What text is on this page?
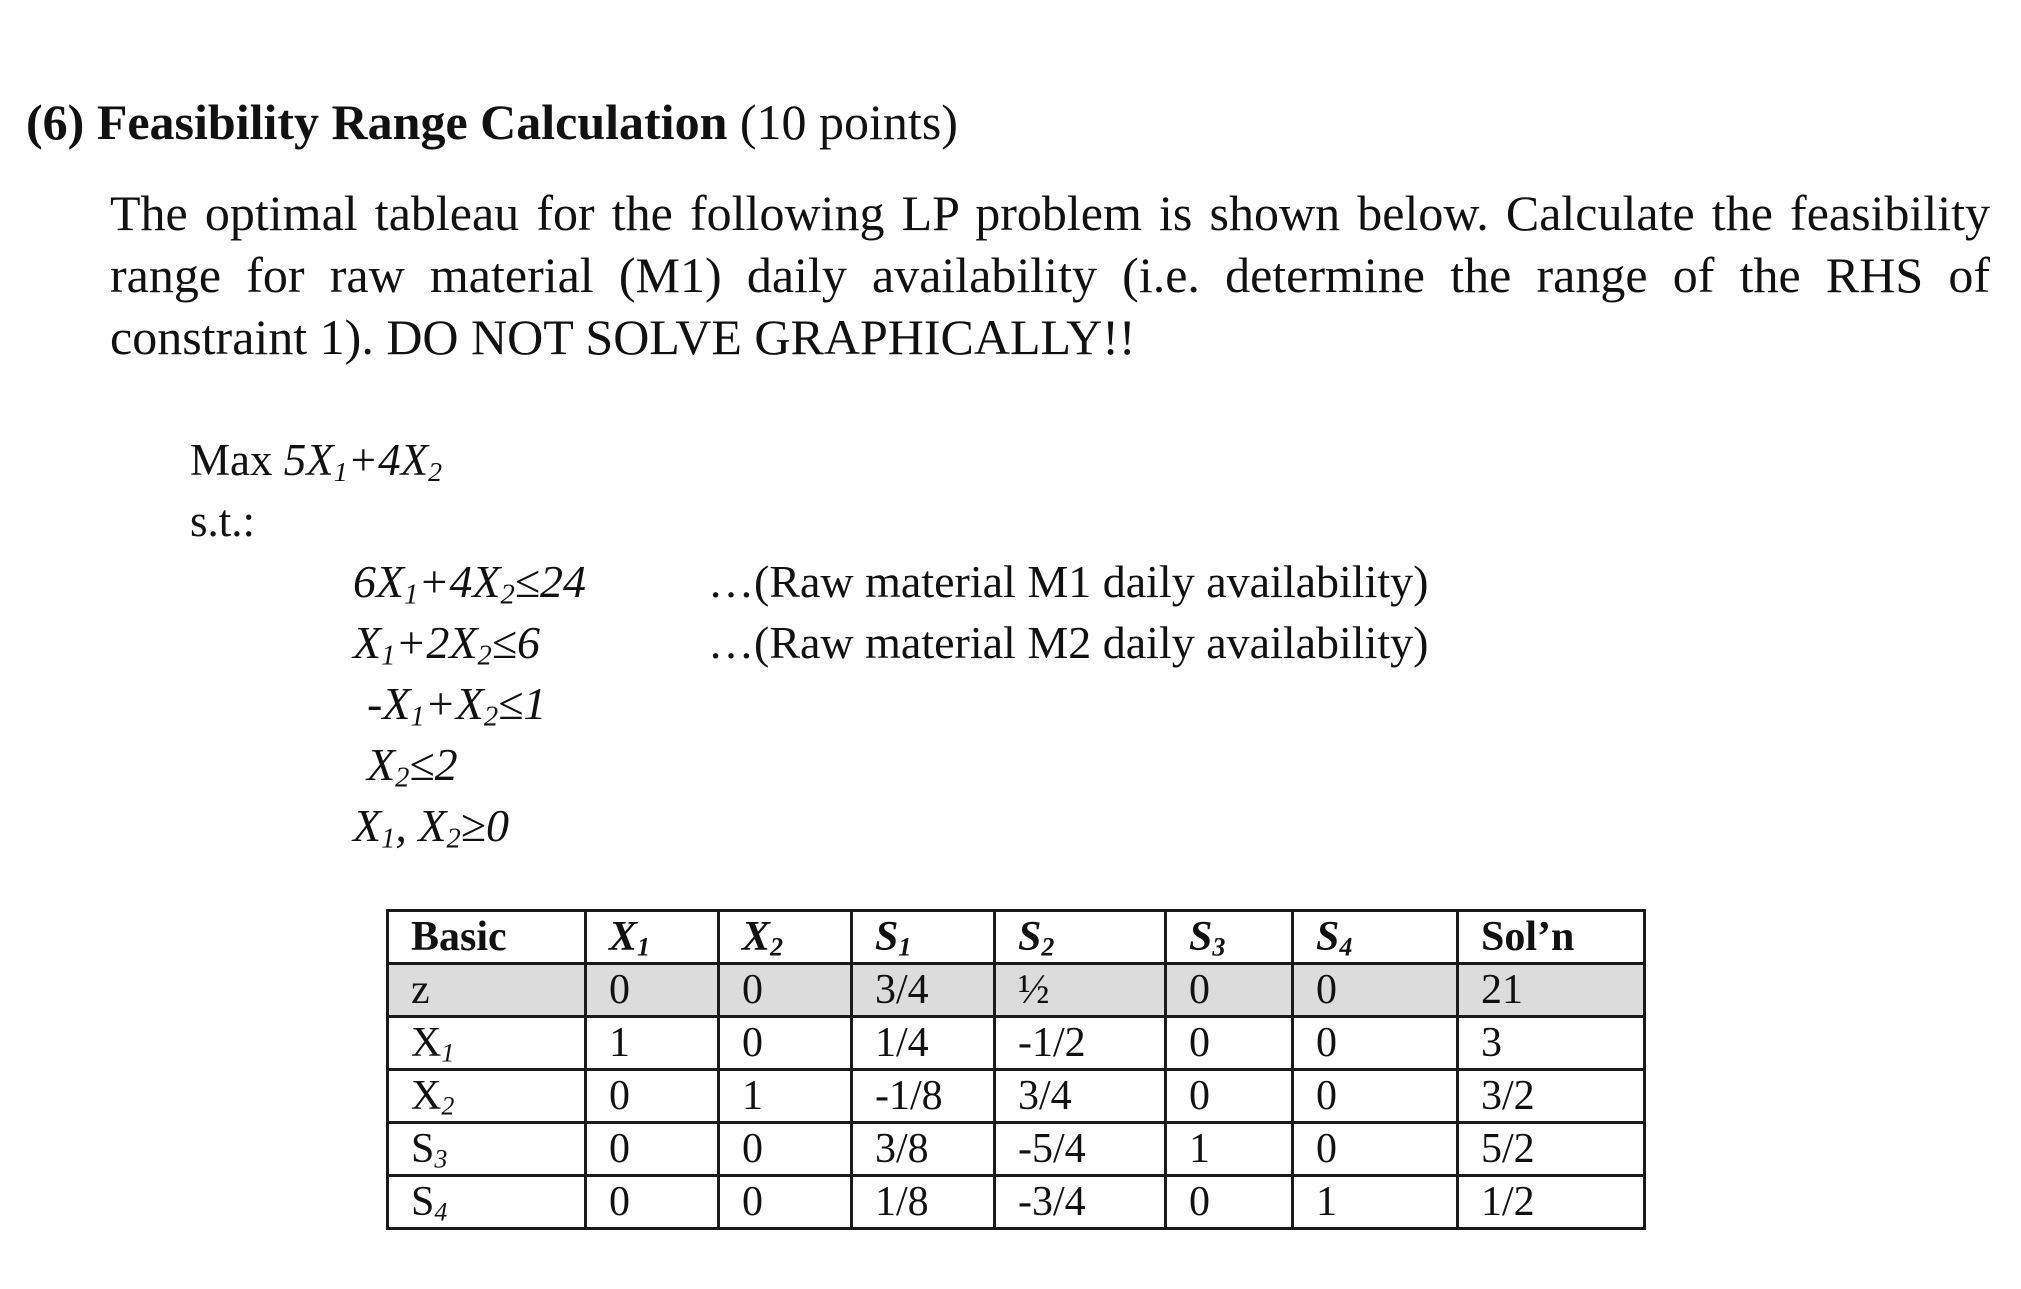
(6) Feasibility Range Calculation (10 points)
The optimal tableau for the following LP problem is shown below. Calculate the feasibility range for raw material (M1) daily availability (i.e. determine the range of the RHS of constraint 1). DO NOT SOLVE GRAPHICALLY!!
Max $5X_1+4X_2$
s.t.:
$6X_1+4X_2\le 24$	…(Raw material M1 daily availability)
$X_1+2X_2\le 6$	…(Raw material M2 daily availability)
$-X_1+X_2\le 1$
$X_2\le 2$
$X_1$, $X_2\ge 0$
Basic	$X_1$	$X_2$	$S_1$	$S_2$	$S_3$	$S_4$	Sol’n
z	0	0	3/4	½	0	0	21
$X_1$	1	0	1/4	-1/2	0	0	3
$X_2$	0	1	-1/8	3/4	0	0	3/2
$S_3$	0	0	3/8	-5/4	1	0	5/2
$S_4$	0	0	1/8	-3/4	0	1	1/2
